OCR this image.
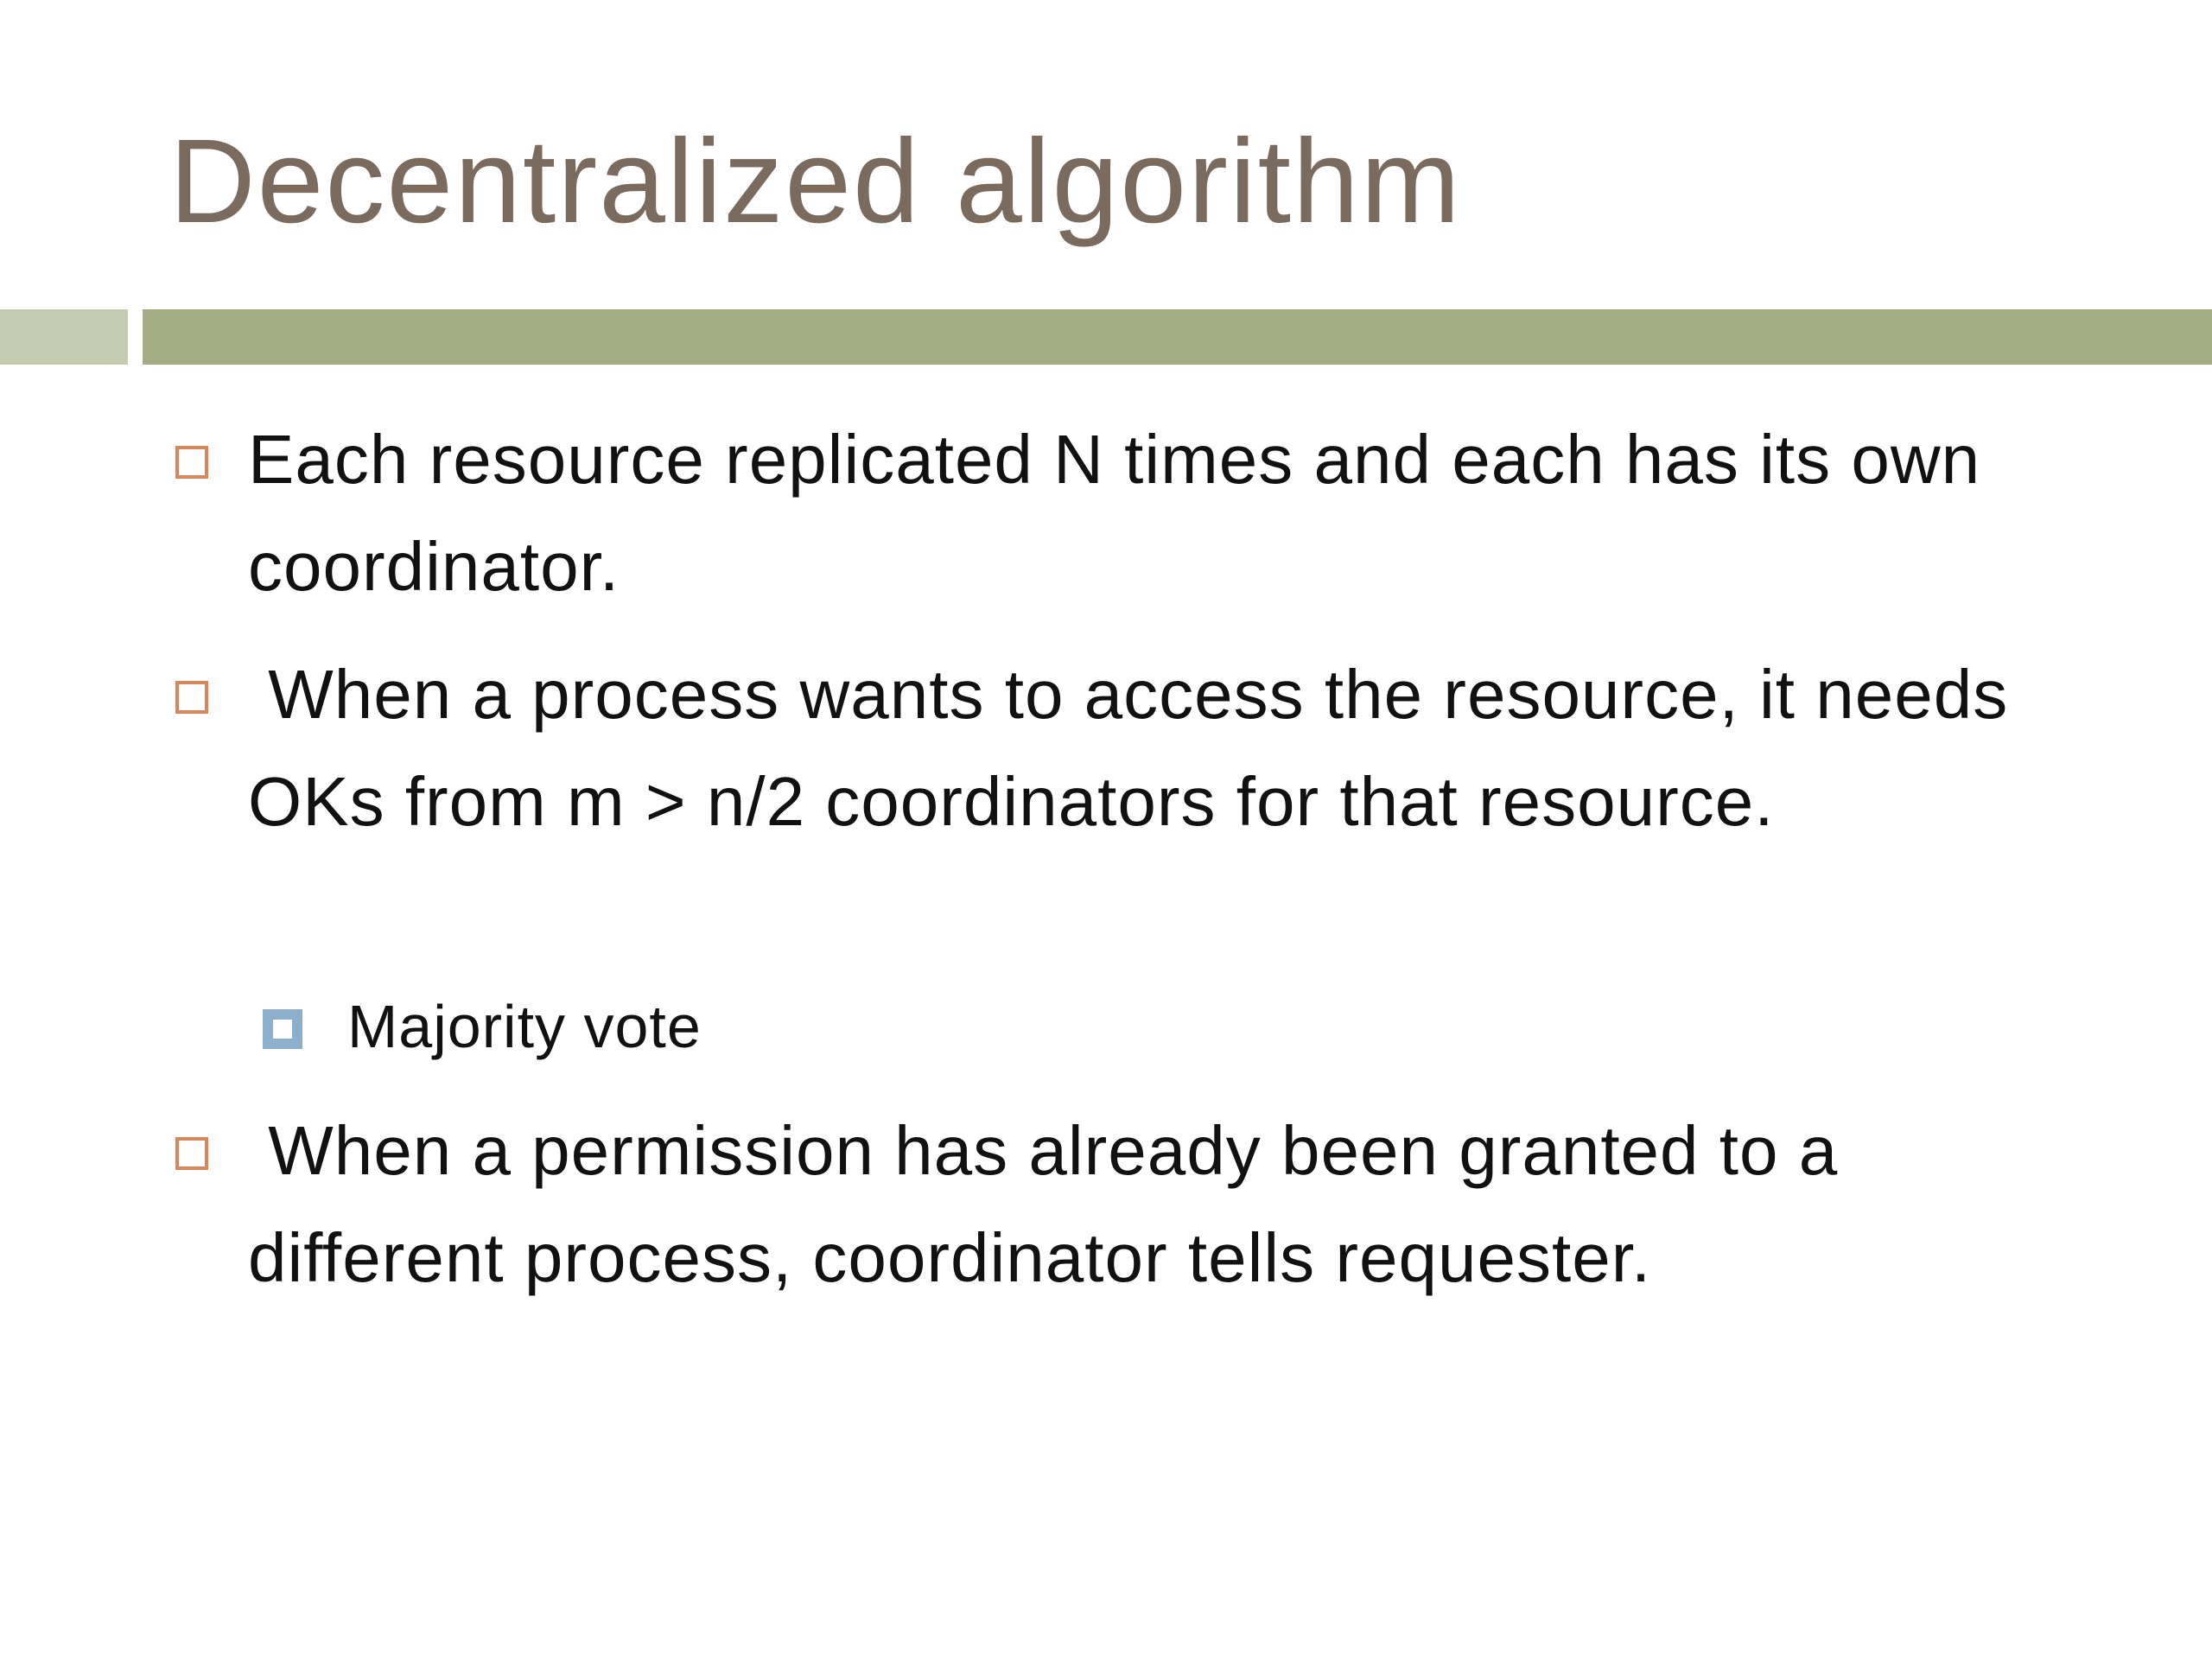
Decentralized algorithm
Each resource replicated N times and each has its own coordinator.
When a process wants to access the resource, it needs OKs from m > n/2 coordinators for that resource.
Majority vote
When a permission has already been granted to a different process, coordinator tells requester.
